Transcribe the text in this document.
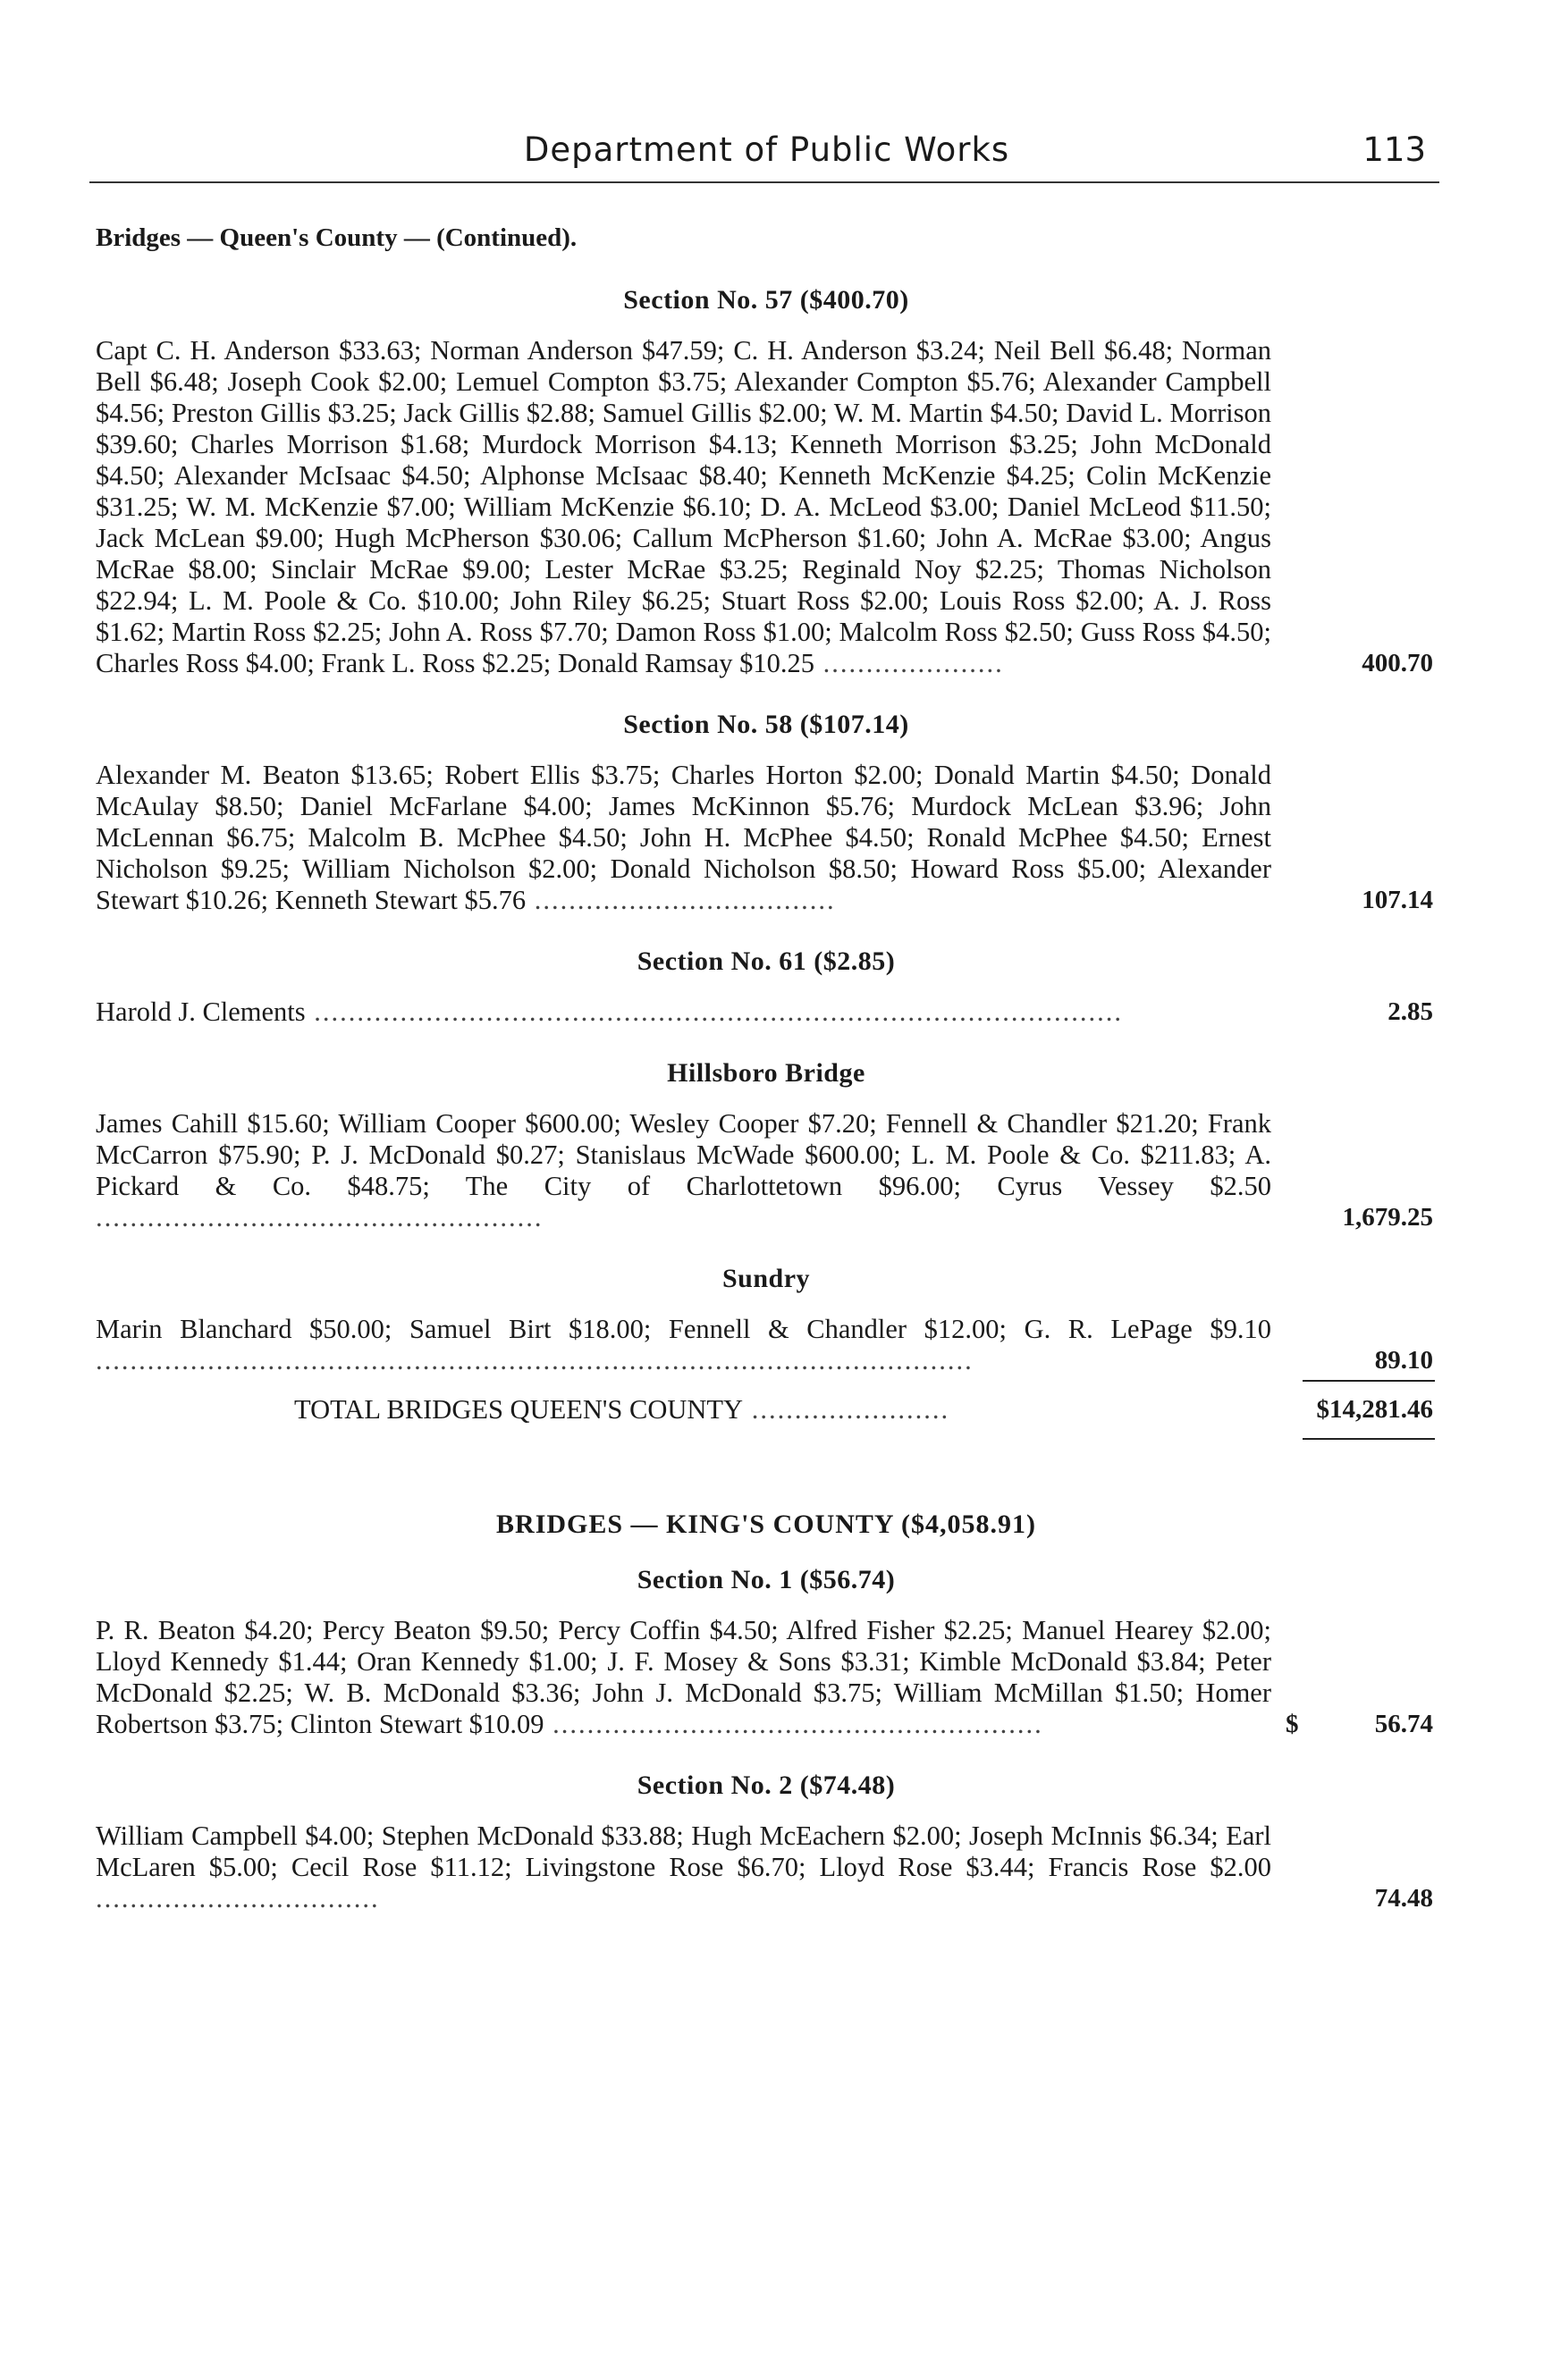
Department of Public Works	113
Bridges — Queen's County — (Continued).
Section No. 57 ($400.70)
Capt C. H. Anderson $33.63; Norman Anderson $47.59; C. H. Anderson $3.24; Neil Bell $6.48; Norman Bell $6.48; Joseph Cook $2.00; Lemuel Compton $3.75; Alexander Compton $5.76; Alexander Campbell $4.56; Preston Gillis $3.25; Jack Gillis $2.88; Samuel Gillis $2.00; W. M. Martin $4.50; David L. Morrison $39.60; Charles Morrison $1.68; Murdock Morrison $4.13; Kenneth Morrison $3.25; John McDonald $4.50; Alexander McIsaac $4.50; Alphonse McIsaac $8.40; Kenneth McKenzie $4.25; Colin McKenzie $31.25; W. M. McKenzie $7.00; William McKenzie $6.10; D. A. McLeod $3.00; Daniel McLeod $11.50; Jack McLean $9.00; Hugh McPherson $30.06; Callum McPherson $1.60; John A. McRae $3.00; Angus McRae $8.00; Sinclair McRae $9.00; Lester McRae $3.25; Reginald Noy $2.25; Thomas Nicholson $22.94; L. M. Poole & Co. $10.00; John Riley $6.25; Stuart Ross $2.00; Louis Ross $2.00; A. J. Ross $1.62; Martin Ross $2.25; John A. Ross $7.70; Damon Ross $1.00; Malcolm Ross $2.50; Guss Ross $4.50; Charles Ross $4.00; Frank L. Ross $2.25; Donald Ramsay $10.25 .....................	400.70
Section No. 58 ($107.14)
Alexander M. Beaton $13.65; Robert Ellis $3.75; Charles Horton $2.00; Donald Martin $4.50; Donald McAulay $8.50; Daniel McFarlane $4.00; James McKinnon $5.76; Murdock McLean $3.96; John McLennan $6.75; Malcolm B. McPhee $4.50; John H. McPhee $4.50; Ronald McPhee $4.50; Ernest Nicholson $9.25; William Nicholson $2.00; Donald Nicholson $8.50; Howard Ross $5.00; Alexander Stewart $10.26; Kenneth Stewart $5.76 ...................................	107.14
Section No. 61 ($2.85)
Harold J. Clements ..............................................................................................	2.85
Hillsboro Bridge
James Cahill $15.60; William Cooper $600.00; Wesley Cooper $7.20; Fennell & Chandler $21.20; Frank McCarron $75.90; P. J. McDonald $0.27; Stanislaus McWade $600.00; L. M. Poole & Co. $211.83; A. Pickard & Co. $48.75; The City of Charlottetown $96.00; Cyrus Vessey $2.50 ....................................................	1,679.25
Sundry
Marin Blanchard $50.00; Samuel Birt $18.00; Fennell & Chandler $12.00; G. R. LePage $9.10 ......................................................................................................	89.10
TOTAL BRIDGES QUEEN'S COUNTY .......................	$14,281.46
BRIDGES — KING'S COUNTY ($4,058.91)
Section No. 1 ($56.74)
P. R. Beaton $4.20; Percy Beaton $9.50; Percy Coffin $4.50; Alfred Fisher $2.25; Manuel Hearey $2.00; Lloyd Kennedy $1.44; Oran Kennedy $1.00; J. F. Mosey & Sons $3.31; Kimble McDonald $3.84; Peter McDonald $2.25; W. B. McDonald $3.36; John J. McDonald $3.75; William McMillan $1.50; Homer Robertson $3.75; Clinton Stewart $10.09 .........................................................	$	56.74
Section No. 2 ($74.48)
William Campbell $4.00; Stephen McDonald $33.88; Hugh McEachern $2.00; Joseph McInnis $6.34; Earl McLaren $5.00; Cecil Rose $11.12; Livingstone Rose $6.70; Lloyd Rose $3.44; Francis Rose $2.00 .................................	74.48
